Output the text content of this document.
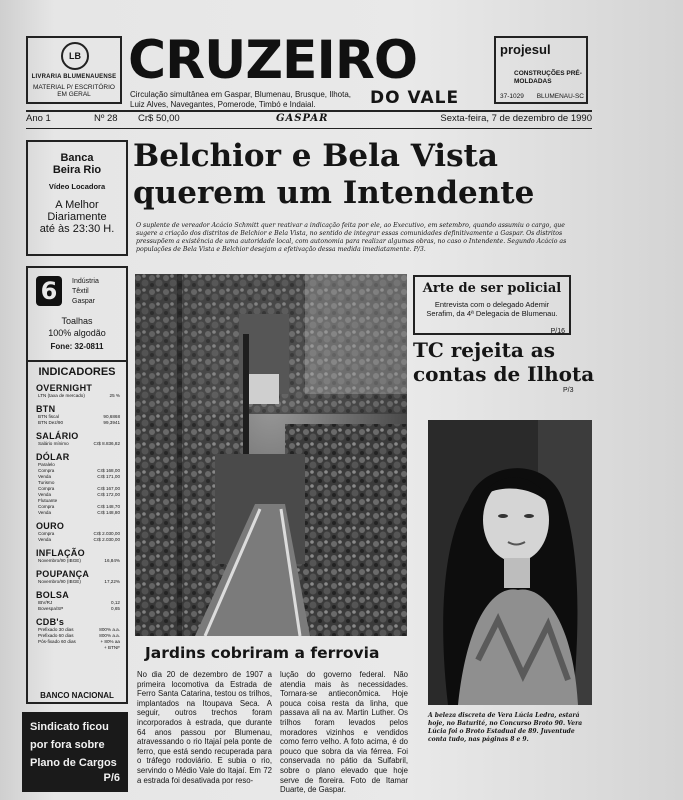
LB
LIVRARIA BLUMENAUENSE
MATERIAL P/ ESCRITÓRIO EM GERAL
CRUZEIRO
Circulação simultânea em Gaspar, Blumenau, Brusque, Ilhota, Luiz Alves, Navegantes, Pomerode, Timbó e Indaial.	DO VALE
projesul
CONSTRUÇÕES PRÉ-MOLDADAS
37-1029 BLUMENAU-SC
Ano 1	Nº 28	Cr$ 50,00	Sexta-feira, 7 de dezembro de 1990
GASPAR
Banca
Beira Rio
Vídeo Locadora
A Melhor
Diariamente
até às 23:30 H.
6	Indústria
Têxtil
Gaspar
Toalhas
100% algodão
Fone: 32-0811
INDICADORES
OVERNIGHT
LTN (taxa de mercado)	25 %
BTN
BTN fiscal	90,6868
BTN Dez/90	99,3941
SALÁRIO
Salário mínimo	Cr$ 8.836,82
DÓLAR
Paralelo
Compra	Cr$ 168,00
Venda	Cr$ 171,00
Turismo
Compra	Cr$ 167,00
Venda	Cr$ 172,00
Flutuante
Compra	Cr$ 148,70
Venda	Cr$ 148,80
OURO
Compra	Cr$ 2.030,00
Venda	Cr$ 2.030,00
INFLAÇÃO
Novembro/90 (IBGE)	16,84%
POUPANÇA
Novembro/90 (IBGE)	17,22%
BOLSA
IBV/RJ	0,12
Bovespa/SP	0,65
CDB's
Prefixado 30 dias	800% a.a.
Prefixado 60 dias	800% a.a.
Pós-fixado 60 dias	+ 80% aa
+ BTNF
BANCO NACIONAL
Sindicato ficou
por fora sobre
Plano de Cargos
P/6
Belchior e Bela Vista
querem um Intendente
O suplente de vereador Acácio Schmitt quer reativar a indicação feita por ele, ao Executivo, em setembro, quando assumiu o cargo, que sugere a criação dos distritos de Belchior e Bela Vista, no sentido de integrar essas comunidades definitivamente a Gaspar. Os distritos pressupõem a existência de uma autoridade local, com autonomia para realizar algumas obras, no caso o Intendente. Segundo Acácio as populações de Bela Vista e Belchior desejam a efetivação dessa medida imediatamente. P/3.
Arte de ser policial
Entrevista com o delegado Ademir Serafim, da 4ª Delegacia de Blumenau.
P/16
TC rejeita as
contas de Ilhota
P/3
A beleza discreta de Vera Lúcia Ledra, estará hoje, no Baturité, no Concurso Broto 90. Vera Lúcia foi o Broto Estadual de 89. Juventude conta tudo, nas páginas 8 e 9.
Jardins cobriram a ferrovia
No dia 20 de dezembro de 1907 a primeira locomotiva da Estrada de Ferro Santa Catarina, testou os trilhos, implantados na Itoupava Seca. A seguir, outros trechos foram incorporados à estrada, que durante 64 anos passou por Blumenau, atravessando o rio Itajaí pela ponte de ferro, que está sendo recuperada para o tráfego rodoviário. E subia o rio, servindo o Médio Vale do Itajaí. Em 72 a estrada foi desativada por reso-
lução do governo federal. Não atendia mais às necessidades. Tornara-se antieconômica. Hoje pouca coisa resta da linha, que passava ali na av. Martin Luther. Os trilhos foram levados pelos moradores vizinhos e vendidos como ferro velho. A foto acima, é do pouco que sobra da via férrea. Foi conservada no pátio da Sulfabril, sobre o plano elevado que hoje serve de floreira. Foto de Itamar Duarte, de Gaspar.
